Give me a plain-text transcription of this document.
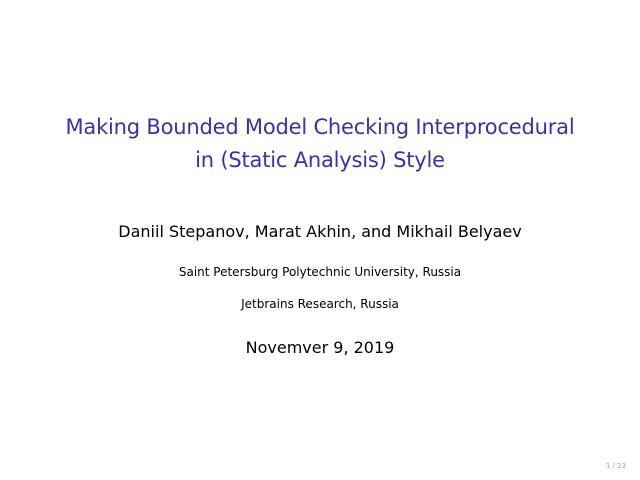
Making Bounded Model Checking Interprocedural
in (Static Analysis) Style
Daniil Stepanov, Marat Akhin, and Mikhail Belyaev
Saint Petersburg Polytechnic University, Russia
Jetbrains Research, Russia
Novemver 9, 2019
1 / 23
